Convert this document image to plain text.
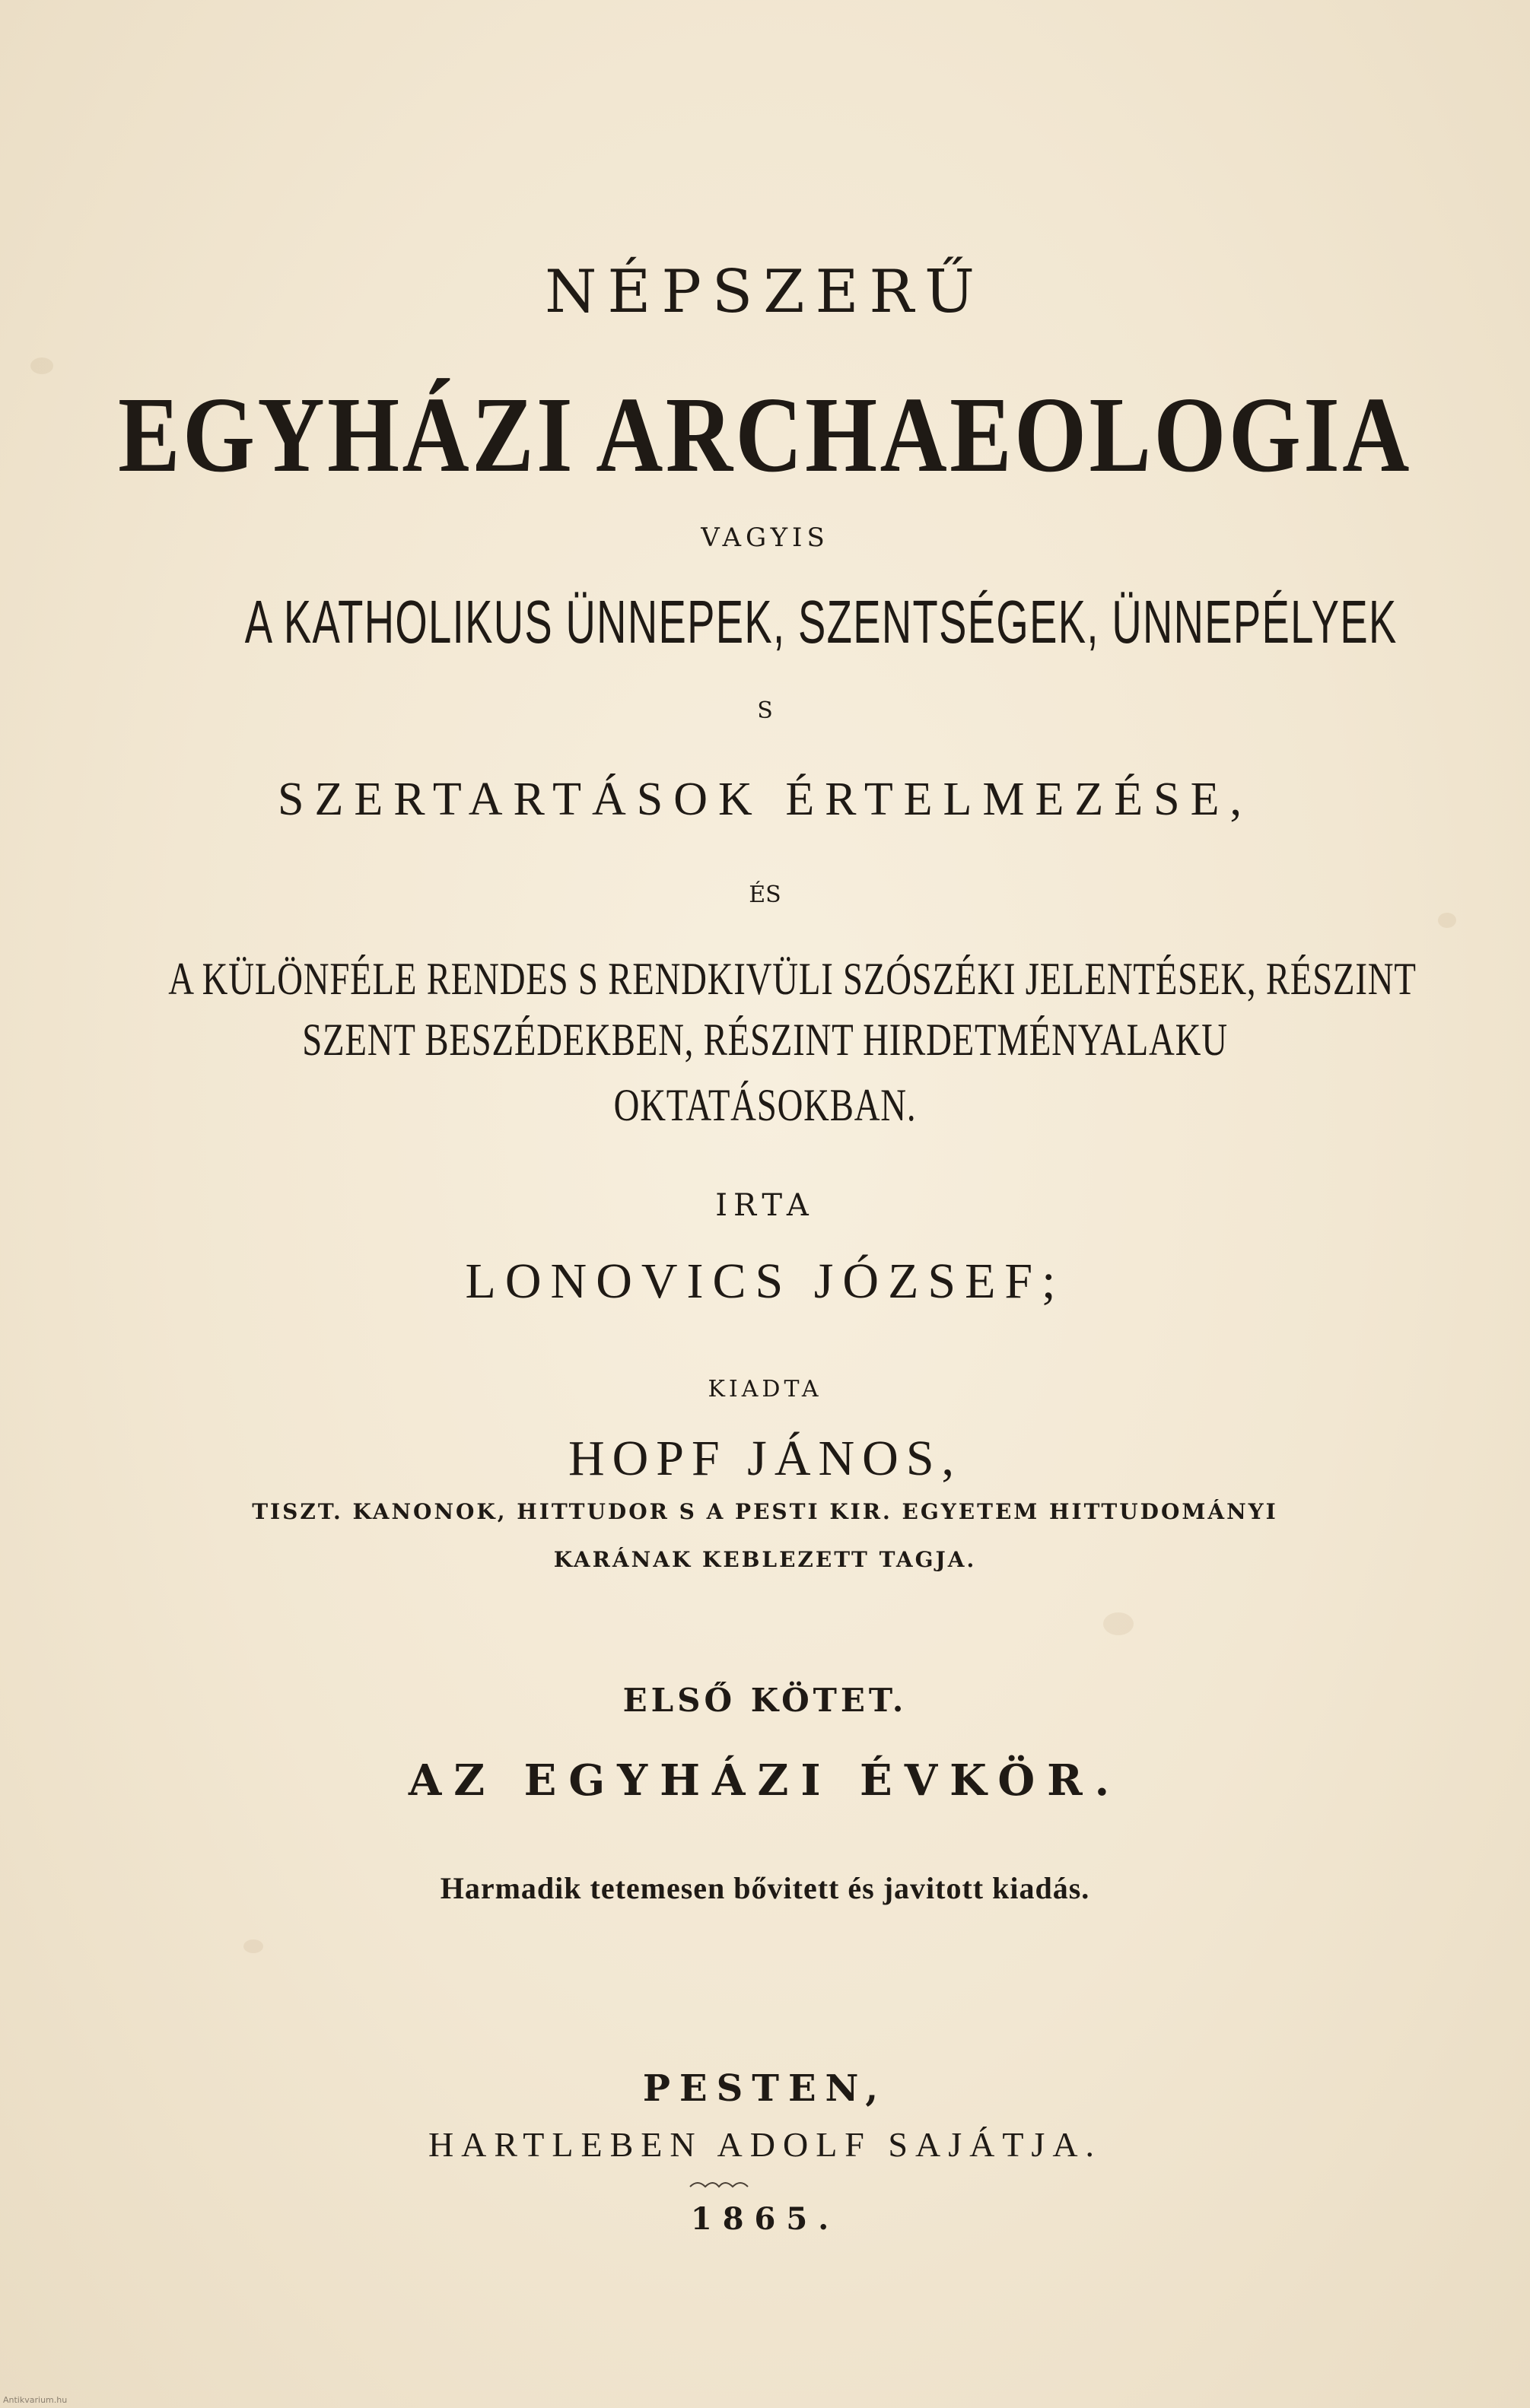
NÉPSZERŰ
EGYHÁZI ARCHAEOLOGIA
VAGYIS
A KATHOLIKUS ÜNNEPEK, SZENTSÉGEK, ÜNNEPÉLYEK
S
SZERTARTÁSOK ÉRTELMEZÉSE,
ÉS
A KÜLÖNFÉLE RENDES S RENDKIVÜLI SZÓSZÉKI JELENTÉSEK, RÉSZINT
SZENT BESZÉDEKBEN, RÉSZINT HIRDETMÉNYALAKU
OKTATÁSOKBAN.
IRTA
LONOVICS JÓZSEF;
KIADTA
HOPF JÁNOS,
TISZT. KANONOK, HITTUDOR S A PESTI KIR. EGYETEM HITTUDOMÁNYI
KARÁNAK KEBLEZETT TAGJA.
ELSŐ KÖTET.
AZ EGYHÁZI ÉVKÖR.
Harmadik tetemesen bővitett és javitott kiadás.
PESTEN,
HARTLEBEN ADOLF SAJÁTJA.
1865.
Antikvarium.hu
